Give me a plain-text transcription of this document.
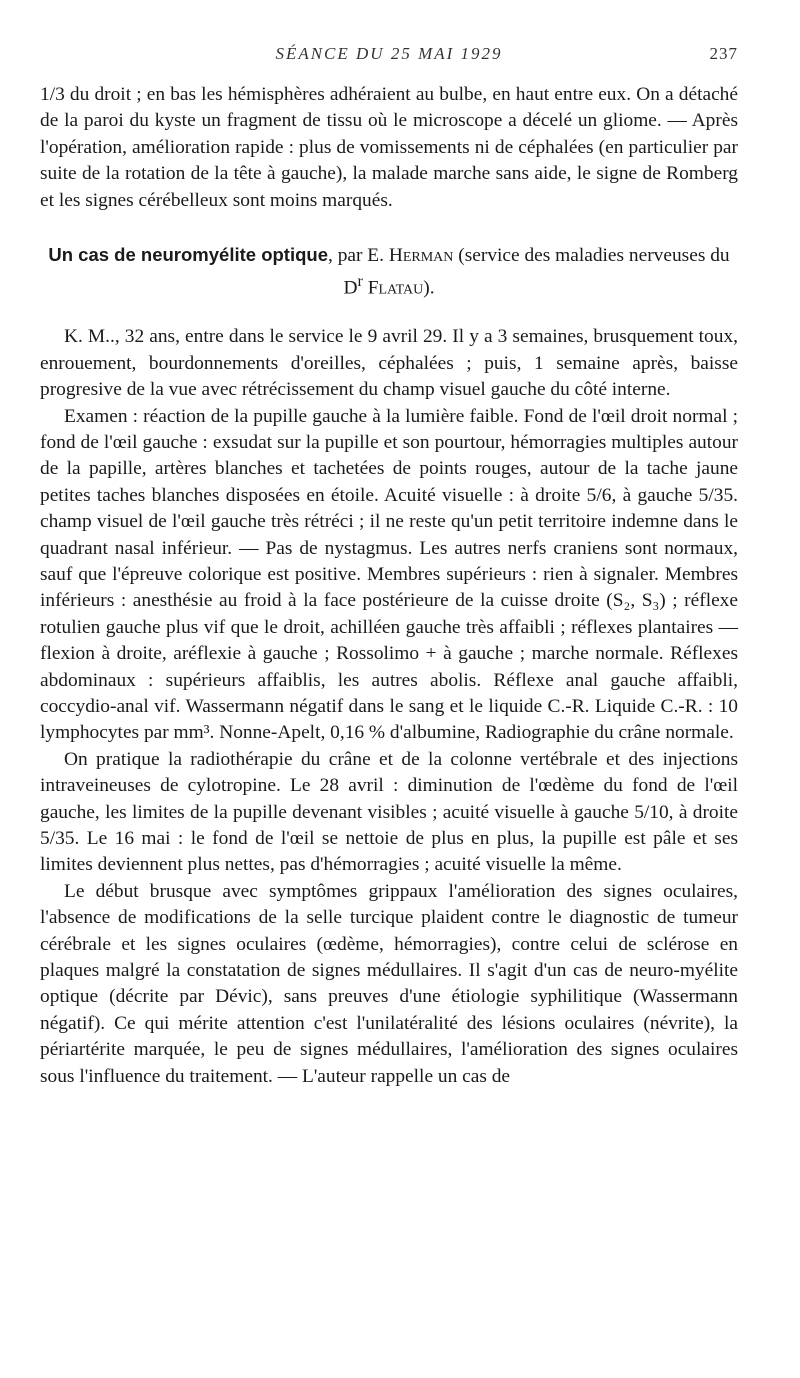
SÉANCE DU 25 MAI 1929	237

1/3 du droit ; en bas les hémisphères adhéraient au bulbe, en haut entre eux. On a détaché de la paroi du kyste un fragment de tissu où le microscope a décelé un gliome. — Après l'opération, amélioration rapide : plus de vomissements ni de céphalées (en particulier par suite de la rotation de la tête à gauche), la malade marche sans aide, le signe de Romberg et les signes cérébelleux sont moins marqués.

Un cas de neuromyélite optique, par E. Herman (service des maladies nerveuses du $D^r$ Flatau).

K. M.., 32 ans, entre dans le service le 9 avril 29. Il y a 3 semaines, brusquement toux, enrouement, bourdonnements d'oreilles, céphalées ; puis, 1 semaine après, baisse progresive de la vue avec rétrécissement du champ visuel gauche du côté interne.

Examen : réaction de la pupille gauche à la lumière faible. Fond de l'œil droit normal ; fond de l'œil gauche : exsudat sur la pupille et son pourtour, hémorragies multiples autour de la papille, artères blanches et tachetées de points rouges, autour de la tache jaune petites taches blanches disposées en étoile. Acuité visuelle : à droite 5/6, à gauche 5/35. champ visuel de l'œil gauche très rétréci ; il ne reste qu'un petit territoire indemne dans le quadrant nasal inférieur. — Pas de nystagmus. Les autres nerfs craniens sont normaux, sauf que l'épreuve colorique est positive. Membres supérieurs : rien à signaler. Membres inférieurs : anesthésie au froid à la face postérieure de la cuisse droite (S₂, S₃) ; réflexe rotulien gauche plus vif que le droit, achilléen gauche très affaibli ; réflexes plantaires — flexion à droite, aréflexie à gauche ; Rossolimo + à gauche ; marche normale. Réflexes abdominaux : supérieurs affaiblis, les autres abolis. Réflexe anal gauche affaibli, coccydio-anal vif. Wassermann négatif dans le sang et le liquide C.-R. Liquide C.-R. : 10 lymphocytes par mm³. Nonne-Apelt, 0,16 % d'albumine, Radiographie du crâne normale.

On pratique la radiothérapie du crâne et de la colonne vertébrale et des injections intraveineuses de cylotropine. Le 28 avril : diminution de l'œdème du fond de l'œil gauche, les limites de la pupille devenant visibles ; acuité visuelle à gauche 5/10, à droite 5/35. Le 16 mai : le fond de l'œil se nettoie de plus en plus, la pupille est pâle et ses limites deviennent plus nettes, pas d'hémorragies ; acuité visuelle la même.

Le début brusque avec symptômes grippaux l'amélioration des signes oculaires, l'absence de modifications de la selle turcique plaident contre le diagnostic de tumeur cérébrale et les signes oculaires (œdème, hémorragies), contre celui de sclérose en plaques malgré la constatation de signes médullaires. Il s'agit d'un cas de neuro-myélite optique (décrite par Dévic), sans preuves d'une étiologie syphilitique (Wassermann négatif). Ce qui mérite attention c'est l'unilatéralité des lésions oculaires (névrite), la périartérite marquée, le peu de signes médullaires, l'amélioration des signes oculaires sous l'influence du traitement. — L'auteur rappelle un cas de
